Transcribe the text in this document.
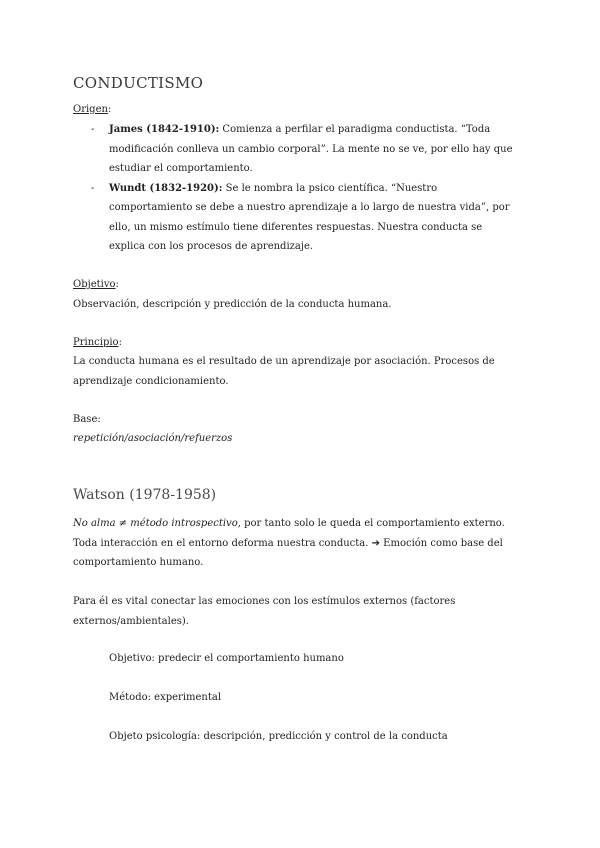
CONDUCTISMO
Origen:
- James (1842-1910): Comienza a perfilar el paradigma conductista. “Toda modificación conlleva un cambio corporal”. La mente no se ve, por ello hay que estudiar el comportamiento.
- Wundt (1832-1920): Se le nombra la psico científica. “Nuestro comportamiento se debe a nuestro aprendizaje a lo largo de nuestra vida”, por ello, un mismo estímulo tiene diferentes respuestas. Nuestra conducta se explica con los procesos de aprendizaje.
Objetivo:
Observación, descripción y predicción de la conducta humana.
Principio:
La conducta humana es el resultado de un aprendizaje por asociación. Procesos de aprendizaje condicionamiento.
Base:
repetición/asociación/refuerzos
Watson (1978-1958)
No alma ≠ método introspectivo, por tanto solo le queda el comportamiento externo. Toda interacción en el entorno deforma nuestra conducta. ➔ Emoción como base del comportamiento humano.
Para él es vital conectar las emociones con los estímulos externos (factores externos/ambientales).
Objetivo: predecir el comportamiento humano
Método: experimental
Objeto psicología: descripción, predicción y control de la conducta
